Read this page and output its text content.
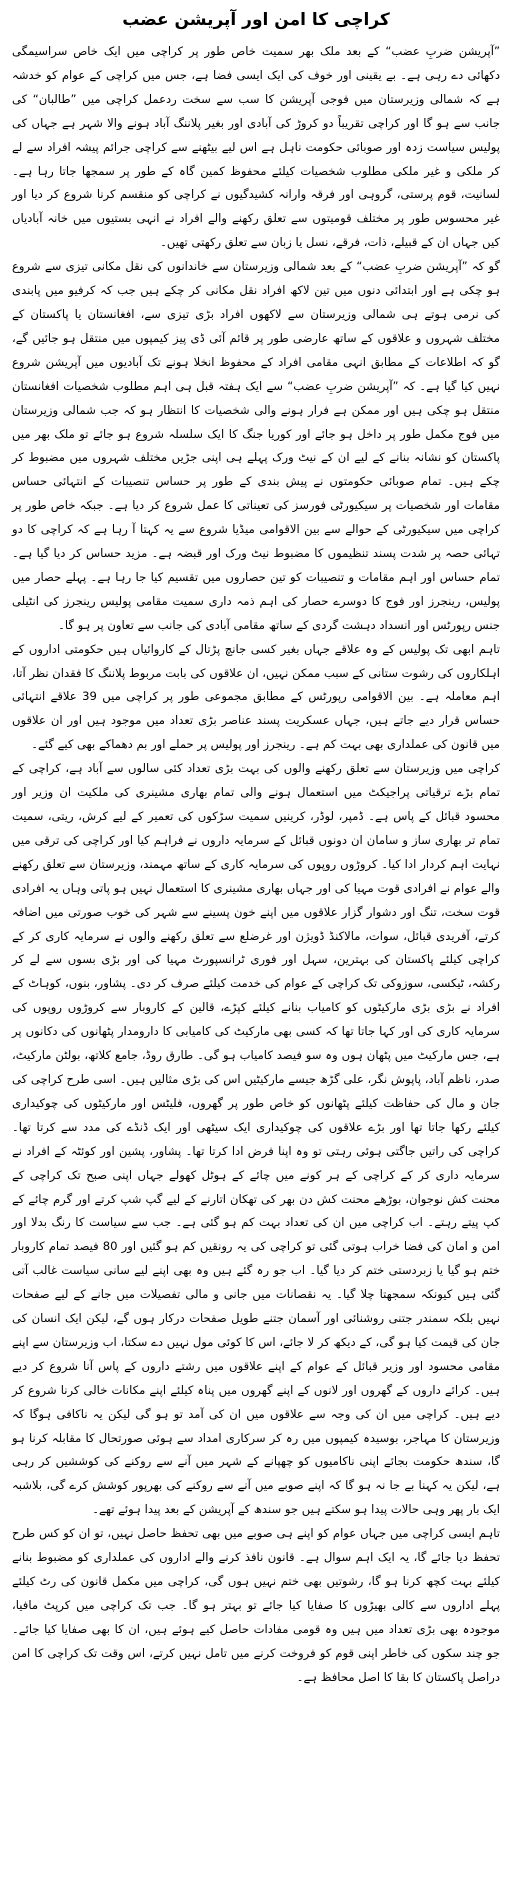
کراچی کا امن اور آپریشن عضب

”آپریشن ضربِ عضب“ کے بعد ملک بھر سمیت خاص طور پر کراچی میں ایک خاص سراسیمگی دکھائی دے رہی ہے۔ بے یقینی اور خوف کی ایک ایسی فضا ہے، جس میں کراچی کے عوام کو خدشہ ہے کہ شمالی وزیرستان میں فوجی آپریشن کا سب سے سخت ردعمل کراچی میں ”طالبان“ کی جانب سے ہو گا اور کراچی تقریباً دو کروڑ کی آبادی اور بغیر پلاننگ آباد ہونے والا شہر ہے جہاں کی پولیس سیاست زدہ اور صوبائی حکومت ناہل ہے اس لیے بیٹھنے سے کراچی جرائم پیشہ افراد سے لے کر ملکی و غیر ملکی مطلوب شخصیات کیلئے محفوظ کمین گاہ کے طور پر سمجھا جاتا رہا ہے۔ لسانیت، قوم پرستی، گروہی اور فرقہ وارانہ کشیدگیوں نے کراچی کو منقسم کرنا شروع کر دیا اور غیر محسوس طور پر مختلف قومیتوں سے تعلق رکھنے والے افراد نے انہی بستیوں میں خانہ آبادیاں کیں جہاں ان کے قبیلے، ذات، فرقے، نسل یا زبان سے تعلق رکھتی تھیں۔

گو کہ ”آپریشن ضربِ عضب“ کے بعد شمالی وزیرستان سے خاندانوں کی نقل مکانی تیزی سے شروع ہو چکی ہے اور ابتدائی دنوں میں تین لاکھ افراد نقل مکانی کر چکے ہیں جب کہ کرفیو میں پابندی کی نرمی ہوتے ہی شمالی وزیرستان سے لاکھوں افراد بڑی تیزی سے، افغانستان یا پاکستان کے مختلف شہروں و علاقوں کے ساتھ عارضی طور پر قائم آئی ڈی پیز کیمپوں میں منتقل ہو جائیں گے، گو کہ اطلاعات کے مطابق انہی مقامی افراد کے محفوظ انخلا ہونے تک آبادیوں میں آپریشن شروع نہیں کیا گیا ہے۔ کہ ”آپریشن ضربِ عضب“ سے ایک ہفتہ قبل ہی اہم مطلوب شخصیات افغانستان منتقل ہو چکی ہیں اور ممکن ہے فرار ہونے والی شخصیات کا انتظار ہو کہ جب شمالی وزیرستان میں فوج مکمل طور پر داخل ہو جائے اور کوریا جنگ کا ایک سلسلہ شروع ہو جائے تو ملک بھر میں پاکستان کو نشانہ بنانے کے لیے ان کے نیٹ ورک پہلے ہی اپنی جڑیں مختلف شہروں میں مضبوط کر چکے ہیں۔ تمام صوبائی حکومتوں نے پیش بندی کے طور پر حساس تنصیبات کے انتہائی حساس مقامات اور شخصیات پر سیکیورٹی فورسز کی تعیناتی کا عمل شروع کر دیا ہے۔ جبکہ خاص طور پر کراچی میں سیکیورٹی کے حوالے سے بین الاقوامی میڈیا شروع سے یہ کہتا آ رہا ہے کہ کراچی کا دو تہائی حصہ پر شدت پسند تنظیموں کا مضبوط نیٹ ورک اور قبضہ ہے۔ مزید حساس کر دیا گیا ہے۔ تمام حساس اور اہم مقامات و تنصیبات کو تین حصاروں میں تقسیم کیا جا رہا ہے۔ پہلے حصار میں پولیس، رینجرز اور فوج کا دوسرے حصار کی اہم ذمہ داری سمیت مقامی پولیس رینجرز کی انٹیلی جنس رپورٹس اور انسداد دہشت گردی کے ساتھ مقامی آبادی کی جانب سے تعاون پر ہو گا۔

تاہم ابھی تک پولیس کے وہ علاقے جہاں بغیر کسی جانچ پڑتال کے کاروائیاں ہیں حکومتی اداروں کے اہلکاروں کی رشوت ستانی کے سبب ممکن نہیں، ان علاقوں کی بابت مربوط پلاننگ کا فقدان نظر آتا، اہم معاملہ ہے۔ بین الاقوامی رپورٹس کے مطابق مجموعی طور پر کراچی میں 39 علاقے انتہائی حساس قرار دیے جاتے ہیں، جہاں عسکریت پسند عناصر بڑی تعداد میں موجود ہیں اور ان علاقوں میں قانون کی عملداری بھی بہت کم ہے۔ رینجرز اور پولیس پر حملے اور بم دھماکے بھی کیے گئے۔

کراچی میں وزیرستان سے تعلق رکھنے والوں کی بہت بڑی تعداد کئی سالوں سے آباد ہے، کراچی کے تمام بڑے ترقیاتی پراجیکٹ میں استعمال ہونے والی تمام بھاری مشینری کی ملکیت ان وزیر اور محسود قبائل کے پاس ہے۔ ڈمپر، لوڈر، کرینیں سمیت سڑکوں کی تعمیر کے لیے کرش، ریتی، سمیت تمام تر بھاری ساز و سامان ان دونوں قبائل کے سرمایہ داروں نے فراہم کیا اور کراچی کی ترقی میں نہایت اہم کردار ادا کیا۔ کروڑوں روپوں کی سرمایہ کاری کے ساتھ مہمند، وزیرستان سے تعلق رکھنے والے عوام نے افرادی قوت مہیا کی اور جہاں بھاری مشینری کا استعمال نہیں ہو پاتی وہاں یہ افرادی قوت سخت، تنگ اور دشوار گزار علاقوں میں اپنے خون پسینے سے شہر کی خوب صورتی میں اضافہ کرتے، آفریدی قبائل، سوات، مالاکنڈ ڈویژن اور غرضلع سے تعلق رکھنے والوں نے سرمایہ کاری کر کے کراچی کیلئے پاکستان کی بہترین، سہل اور فوری ٹرانسپورٹ مہیا کی اور بڑی بسوں سے لے کر رکشہ، ٹیکسی، سوزوکی تک کراچی کے عوام کی خدمت کیلئے صرف کر دی۔ پشاور، بنوں، کوہاٹ کے افراد نے بڑی بڑی مارکیٹوں کو کامیاب بنانے کیلئے کپڑے، قالین کے کاروبار سے کروڑوں روپوں کی سرمایہ کاری کی اور کہا جاتا تھا کہ کسی بھی مارکیٹ کی کامیابی کا دارومدار پٹھانوں کی دکانوں پر ہے، جس مارکیٹ میں پٹھان ہوں وہ سو فیصد کامیاب ہو گی۔ طارق روڈ، جامع کلاتھ، بولٹن مارکیٹ، صدر، ناظم آباد، پاپوش نگر، علی گڑھ جیسے مارکیٹیں اس کی بڑی مثالیں ہیں۔ اسی طرح کراچی کی جان و مال کی حفاظت کیلئے پٹھانوں کو خاص طور پر گھروں، فلیٹس اور مارکیٹوں کی چوکیداری کیلئے رکھا جاتا تھا اور بڑے علاقوں کی چوکیداری ایک سیٹھی اور ایک ڈنڈے کی مدد سے کرتا تھا۔ کراچی کی راتیں جاگتی ہوئی رہتی تو وہ اپنا فرض ادا کرتا تھا۔ پشاور، پشین اور کوئٹہ کے افراد نے سرمایہ داری کر کے کراچی کے ہر کونے میں چائے کے ہوٹل کھولے جہاں اپنی صبح تک کراچی کے محنت کش نوجوان، بوڑھے محنت کش دن بھر کی تھکان اتارنے کے لیے گپ شپ کرتے اور گرم چائے کے کپ پیتے رہتے۔ اب کراچی میں ان کی تعداد بہت کم ہو گئی ہے۔ جب سے سیاست کا رنگ بدلا اور امن و امان کی فضا خراب ہوتی گئی تو کراچی کی یہ رونقیں کم ہو گئیں اور 80 فیصد تمام کاروبار ختم ہو گیا یا زبردستی ختم کر دیا گیا۔ اب جو رہ گئے ہیں وہ بھی اپنے لیے سانی سیاست غالب آتی گئی ہیں کیونکہ سمجھتا چلا گیا۔ یہ نقصانات میں جانی و مالی تفصیلات میں جانے کے لیے صفحات نہیں بلکہ سمندر جتنی روشنائی اور آسمان جتنے طویل صفحات درکار ہوں گے، لیکن ایک انسان کی جان کی قیمت کیا ہو گی، کے دیکھ کر لا جائے، اس کا کوئی مول نہیں دے سکتا، اب وزیرستان سے اپنے مقامی محسود اور وزیر قبائل کے عوام کے اپنے علاقوں میں رشتے داروں کے پاس آنا شروع کر دیے ہیں۔ کرائے داروں کے گھروں اور لانوں کے اپنے گھروں میں پناہ کیلئے اپنے مکانات خالی کرنا شروع کر دیے ہیں۔ کراچی میں ان کی وجہ سے علاقوں میں ان کی آمد تو ہو گی لیکن یہ ناکافی ہوگا کہ وزیرستان کا مہاجر، بوسیدہ کیمپوں میں رہ کر سرکاری امداد سے ہوئی صورتحال کا مقابلہ کرنا ہو گا، سندھ حکومت بجائے اپنی ناکامیوں کو چھپانے کے شہر میں آنے سے روکنے کی کوششیں کر رہی ہے، لیکن یہ کہنا بے جا نہ ہو گا کہ اپنے صوبے میں آنے سے روکنے کی بھرپور کوشش کرے گی، بلاشبہ ایک بار پھر وہی حالات پیدا ہو سکتے ہیں جو سندھ کے آپریشن کے بعد پیدا ہوئے تھے۔

تاہم ایسی کراچی میں جہاں عوام کو اپنے ہی صوبے میں بھی تحفظ حاصل نہیں، تو ان کو کس طرح تحفظ دیا جائے گا، یہ ایک اہم سوال ہے۔ قانون نافذ کرنے والے اداروں کی عملداری کو مضبوط بنانے کیلئے بہت کچھ کرنا ہو گا، رشوتیں بھی ختم نہیں ہوں گی، کراچی میں مکمل قانون کی رٹ کیلئے پہلے اداروں سے کالی بھیڑوں کا صفایا کیا جائے تو بہتر ہو گا۔ جب تک کراچی میں کرپٹ مافیا، موجودہ بھی بڑی تعداد میں ہیں وہ قومی مفادات حاصل کیے ہوئے ہیں، ان کا بھی صفایا کیا جائے۔ جو چند سکوں کی خاطر اپنی قوم کو فروخت کرنے میں تامل نہیں کرتے، اس وقت تک کراچی کا امن دراصل پاکستان کا بقا کا اصل محافظ ہے۔
